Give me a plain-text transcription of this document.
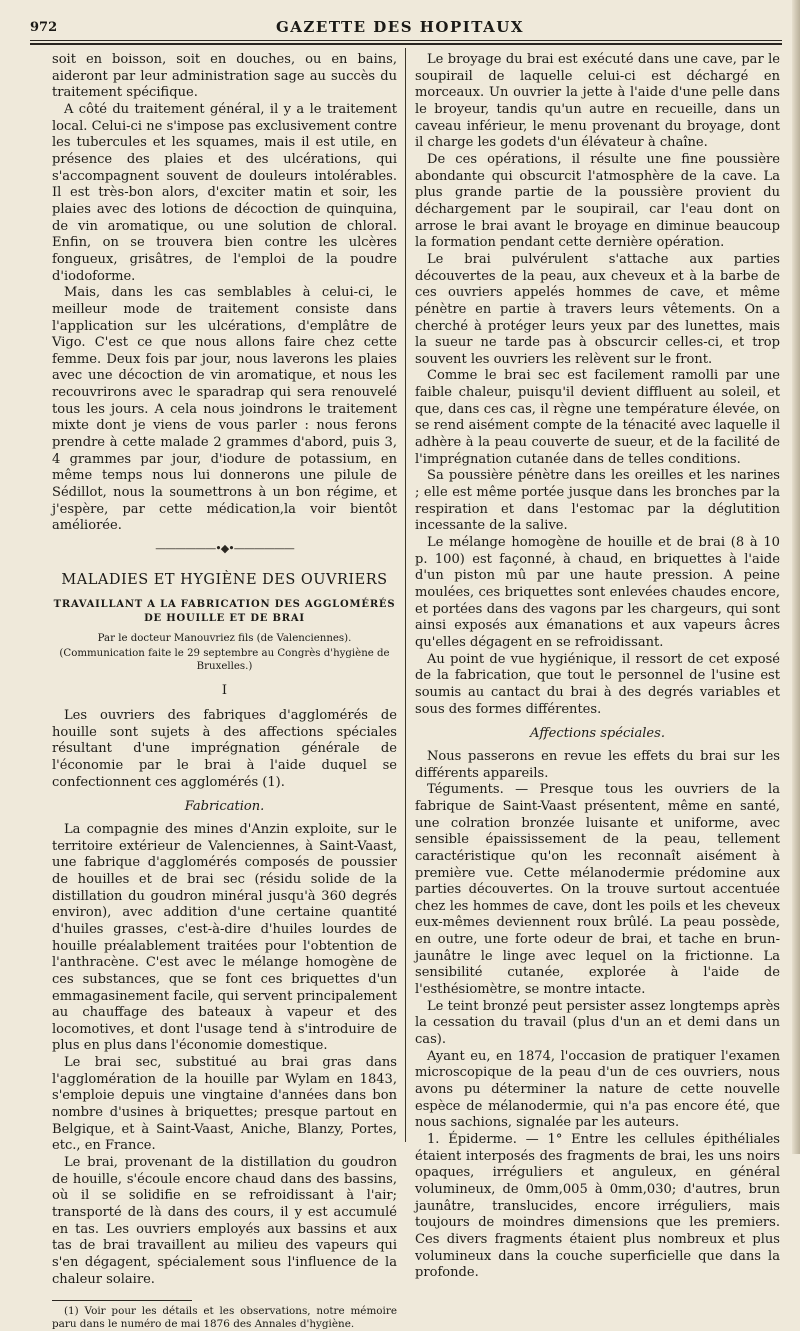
972	GAZETTE DES HOPITAUX

soit en boisson, soit en douches, ou en bains, aideront par leur administration sage au succès du traitement spécifique.

A côté du traitement général, il y a le traitement local. Celui-ci ne s'impose pas exclusivement contre les tubercules et les squames, mais il est utile, en présence des plaies et des ulcérations, qui s'accompagnent souvent de douleurs intolérables. Il est très-bon alors, d'exciter matin et soir, les plaies avec des lotions de décoction de quinquina, de vin aromatique, ou une solution de chloral. Enfin, on se trouvera bien contre les ulcères fongueux, grisâtres, de l'emploi de la poudre d'iodoforme.

Mais, dans les cas semblables à celui-ci, le meilleur mode de traitement consiste dans l'application sur les ulcérations, d'emplâtre de Vigo. C'est ce que nous allons faire chez cette femme. Deux fois par jour, nous laverons les plaies avec une décoction de vin aromatique, et nous les recouvrirons avec le sparadrap qui sera renouvelé tous les jours. A cela nous joindrons le traitement mixte dont je viens de vous parler : nous ferons prendre à cette malade 2 grammes d'abord, puis 3, 4 grammes par jour, d'iodure de potassium, en même temps nous lui donnerons une pilule de Sédillot, nous la soumettrons à un bon régime, et j'espère, par cette médication,la voir bientôt améliorée.

——————•◆•——————
MALADIES ET HYGIÈNE DES OUVRIERS
TRAVAILLANT A LA FABRICATION DES AGGLOMÉRÉS DE HOUILLE ET DE BRAI
Par le docteur Manouvriez fils (de Valenciennes).
(Communication faite le 29 septembre au Congrès d'hygiène de Bruxelles.)
I

Les ouvriers des fabriques d'agglomérés de houille sont sujets à des affections spéciales résultant d'une imprégnation générale de l'économie par le brai à l'aide duquel se confectionnent ces agglomérés (1).

Fabrication.

La compagnie des mines d'Anzin exploite, sur le territoire extérieur de Valenciennes, à Saint-Vaast, une fabrique d'agglomérés composés de poussier de houilles et de brai sec (résidu solide de la distillation du goudron minéral jusqu'à 360 degrés environ), avec addition d'une certaine quantité d'huiles grasses, c'est-à-dire d'huiles lourdes de houille préalablement traitées pour l'obtention de l'anthracène. C'est avec le mélange homogène de ces substances, que se font ces briquettes d'un emmagasinement facile, qui servent principalement au chauffage des bateaux à vapeur et des locomotives, et dont l'usage tend à s'introduire de plus en plus dans l'économie domestique.

Le brai sec, substitué au brai gras dans l'agglomération de la houille par Wylam en 1843, s'emploie depuis une vingtaine d'années dans bon nombre d'usines à briquettes; presque partout en Belgique, et à Saint-Vaast, Aniche, Blanzy, Portes, etc., en France.

Le brai, provenant de la distillation du goudron de houille, s'écoule encore chaud dans des bassins, où il se solidifie en se refroidissant à l'air; transporté de là dans des cours, il y est accumulé en tas. Les ouvriers employés aux bassins et aux tas de brai travaillent au milieu des vapeurs qui s'en dégagent, spécialement sous l'influence de la chaleur solaire.

(1) Voir pour les détails et les observations, notre mémoire paru dans le numéro de mai 1876 des Annales d'hygiène.

Le broyage du brai est exécuté dans une cave, par le soupirail de laquelle celui-ci est déchargé en morceaux. Un ouvrier la jette à l'aide d'une pelle dans le broyeur, tandis qu'un autre en recueille, dans un caveau inférieur, le menu provenant du broyage, dont il charge les godets d'un élévateur à chaîne.

De ces opérations, il résulte une fine poussière abondante qui obscurcit l'atmosphère de la cave. La plus grande partie de la poussière provient du déchargement par le soupirail, car l'eau dont on arrose le brai avant le broyage en diminue beaucoup la formation pendant cette dernière opération.

Le brai pulvérulent s'attache aux parties découvertes de la peau, aux cheveux et à la barbe de ces ouvriers appelés hommes de cave, et même pénètre en partie à travers leurs vêtements. On a cherché à protéger leurs yeux par des lunettes, mais la sueur ne tarde pas à obscurcir celles-ci, et trop souvent les ouvriers les relèvent sur le front.

Comme le brai sec est facilement ramolli par une faible chaleur, puisqu'il devient diffluent au soleil, et que, dans ces cas, il règne une température élevée, on se rend aisément compte de la ténacité avec laquelle il adhère à la peau couverte de sueur, et de la facilité de l'imprégnation cutanée dans de telles conditions.

Sa poussière pénètre dans les oreilles et les narines ; elle est même portée jusque dans les bronches par la respiration et dans l'estomac par la déglutition incessante de la salive.

Le mélange homogène de houille et de brai (8 à 10 p. 100) est façonné, à chaud, en briquettes à l'aide d'un piston mû par une haute pression. A peine moulées, ces briquettes sont enlevées chaudes encore, et portées dans des vagons par les chargeurs, qui sont ainsi exposés aux émanations et aux vapeurs âcres qu'elles dégagent en se refroidissant.

Au point de vue hygiénique, il ressort de cet exposé de la fabrication, que tout le personnel de l'usine est soumis au cantact du brai à des degrés variables et sous des formes différentes.

Affections spéciales.

Nous passerons en revue les effets du brai sur les différents appareils.

Téguments. — Presque tous les ouvriers de la fabrique de Saint-Vaast présentent, même en santé, une colration bronzée luisante et uniforme, avec sensible épaississement de la peau, tellement caractéristique qu'on les reconnaît aisément à première vue. Cette mélanodermie prédomine aux parties découvertes. On la trouve surtout accentuée chez les hommes de cave, dont les poils et les cheveux eux-mêmes deviennent roux brûlé. La peau possède, en outre, une forte odeur de brai, et tache en brun-jaunâtre le linge avec lequel on la frictionne. La sensibilité cutanée, explorée à l'aide de l'esthésiomètre, se montre intacte.

Le teint bronzé peut persister assez longtemps après la cessation du travail (plus d'un an et demi dans un cas).

Ayant eu, en 1874, l'occasion de pratiquer l'examen microscopique de la peau d'un de ces ouvriers, nous avons pu déterminer la nature de cette nouvelle espèce de mélanodermie, qui n'a pas encore été, que nous sachions, signalée par les auteurs.

1. Épiderme. — 1° Entre les cellules épithéliales étaient interposés des fragments de brai, les uns noirs opaques, irréguliers et anguleux, en général volumineux, de 0mm,005 à 0mm,030; d'autres, brun jaunâtre, translucides, encore irréguliers, mais toujours de moindres dimensions que les premiers. Ces divers fragments étaient plus nombreux et plus volumineux dans la couche superficielle que dans la profonde.
